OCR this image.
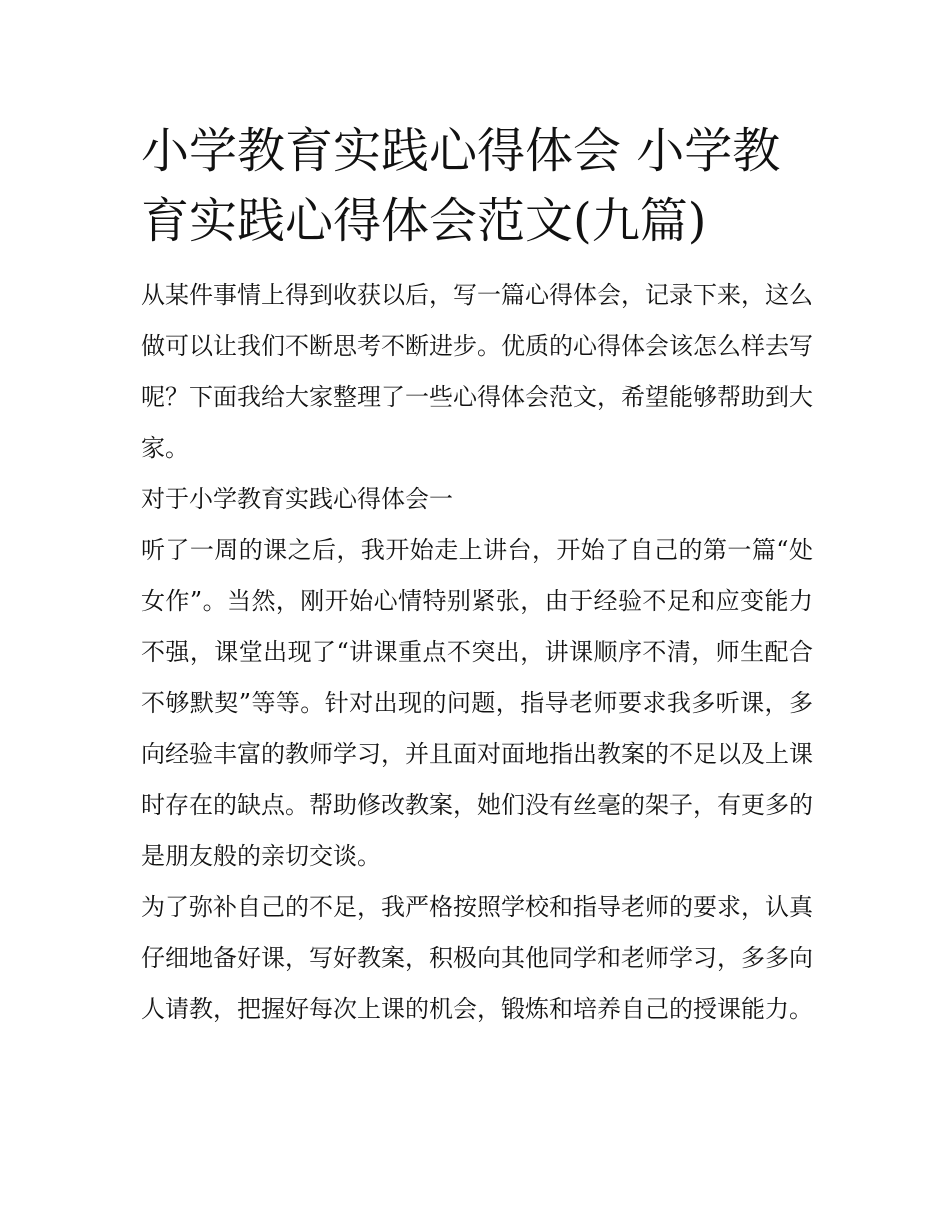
小学教育实践心得体会 小学教育实践心得体会范文(九篇)

从某件事情上得到收获以后，写一篇心得体会，记录下来，这么做可以让我们不断思考不断进步。优质的心得体会该怎么样去写呢？下面我给大家整理了一些心得体会范文，希望能够帮助到大家。

对于小学教育实践心得体会一

听了一周的课之后，我开始走上讲台，开始了自己的第一篇“处女作”。当然，刚开始心情特别紧张，由于经验不足和应变能力不强，课堂出现了“讲课重点不突出，讲课顺序不清，师生配合不够默契”等等。针对出现的问题，指导老师要求我多听课，多向经验丰富的教师学习，并且面对面地指出教案的不足以及上课时存在的缺点。帮助修改教案，她们没有丝毫的架子，有更多的是朋友般的亲切交谈。

为了弥补自己的不足，我严格按照学校和指导老师的要求，认真仔细地备好课，写好教案，积极向其他同学和老师学习，多多向人请教，把握好每次上课的机会，锻炼和培养自己的授课能力。
